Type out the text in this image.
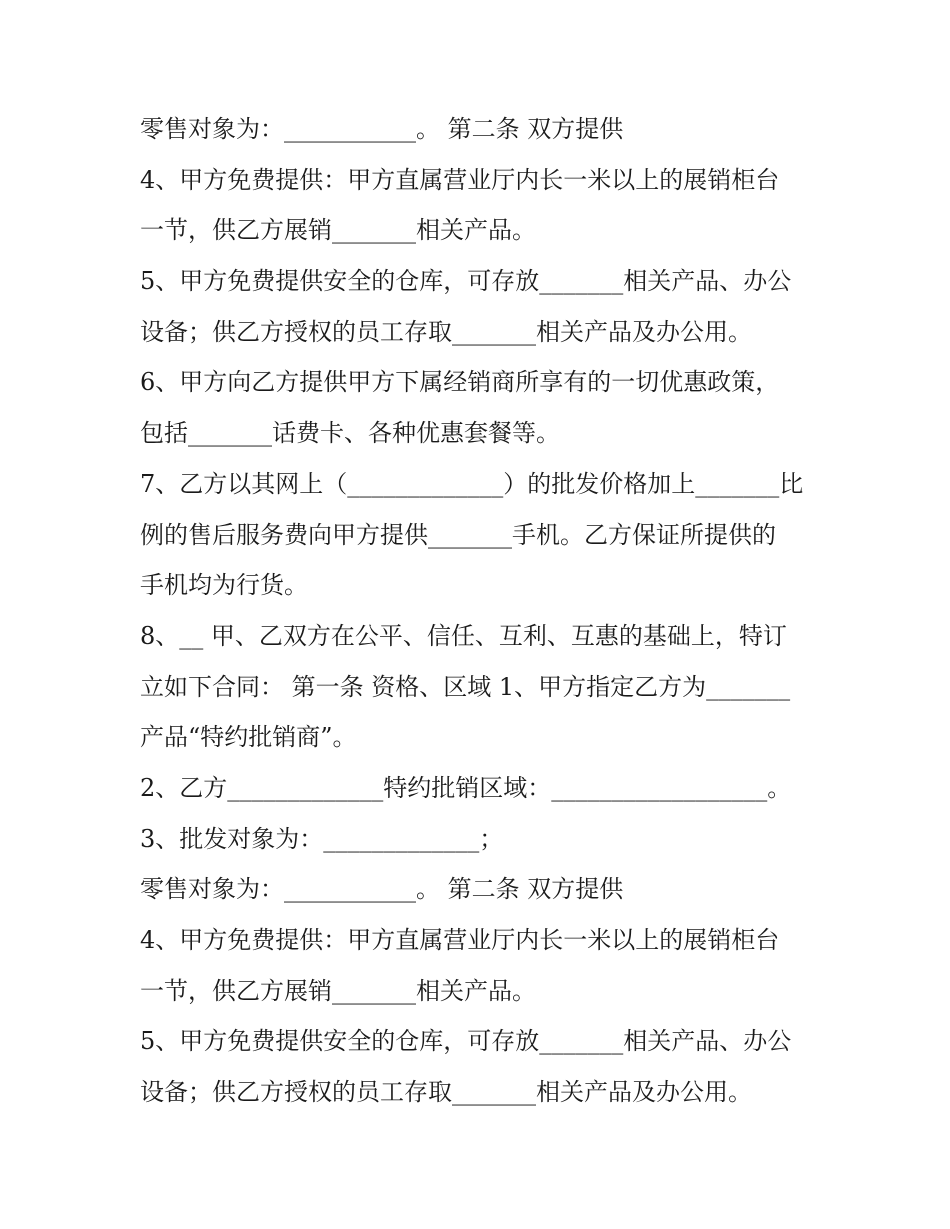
零售对象为：___________。 第二条 双方提供
4、甲方免费提供：甲方直属营业厅内长一米以上的展销柜台
一节，供乙方展销_______相关产品。
5、甲方免费提供安全的仓库，可存放_______相关产品、办公
设备；供乙方授权的员工存取_______相关产品及办公用。
6、甲方向乙方提供甲方下属经销商所享有的一切优惠政策，
包括_______话费卡、各种优惠套餐等。
7、乙方以其网上（_____________）的批发价格加上_______比
例的售后服务费向甲方提供_______手机。乙方保证所提供的
手机均为行货。
8、__ 甲、乙双方在公平、信任、互利、互惠的基础上，特订
立如下合同： 第一条 资格、区域 1、甲方指定乙方为_______
产品“特约批销商”。
2、乙方_____________特约批销区域：__________________。
3、批发对象为：_____________；
零售对象为：___________。 第二条 双方提供
4、甲方免费提供：甲方直属营业厅内长一米以上的展销柜台
一节，供乙方展销_______相关产品。
5、甲方免费提供安全的仓库，可存放_______相关产品、办公
设备；供乙方授权的员工存取_______相关产品及办公用。
